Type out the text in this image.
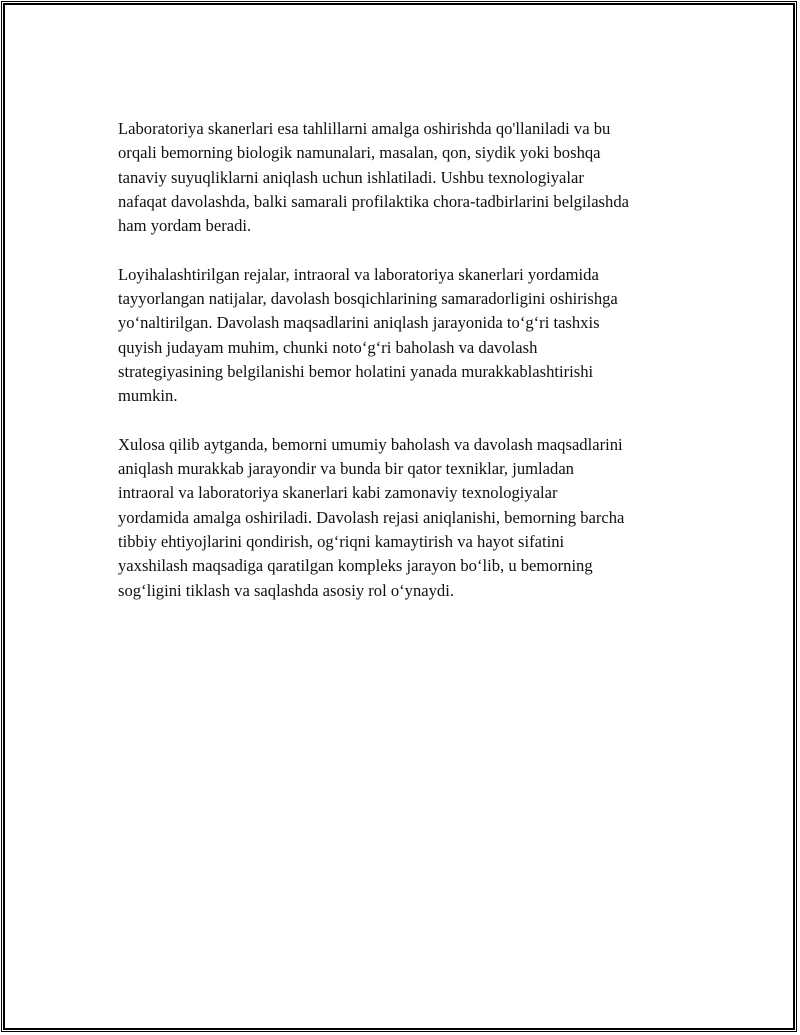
Laboratoriya skanerlari esa tahlillarni amalga oshirishda qo'llaniladi va bu
orqali bemorning biologik namunalari, masalan, qon, siydik yoki boshqa
tanaviy suyuqliklarni aniqlash uchun ishlatiladi. Ushbu texnologiyalar
nafaqat davolashda, balki samarali profilaktika chora-tadbirlarini belgilashda
ham yordam beradi.

Loyihalashtirilgan rejalar, intraoral va laboratoriya skanerlari yordamida
tayyorlangan natijalar, davolash bosqichlarining samaradorligini oshirishga
yo‘naltirilgan. Davolash maqsadlarini aniqlash jarayonida to‘g‘ri tashxis
quyish judayam muhim, chunki noto‘g‘ri baholash va davolash
strategiyasining belgilanishi bemor holatini yanada murakkablashtirishi
mumkin.

Xulosa qilib aytganda, bemorni umumiy baholash va davolash maqsadlarini
aniqlash murakkab jarayondir va bunda bir qator texniklar, jumladan
intraoral va laboratoriya skanerlari kabi zamonaviy texnologiyalar
yordamida amalga oshiriladi. Davolash rejasi aniqlanishi, bemorning barcha
tibbiy ehtiyojlarini qondirish, og‘riqni kamaytirish va hayot sifatini
yaxshilash maqsadiga qaratilgan kompleks jarayon bo‘lib, u bemorning
sog‘ligini tiklash va saqlashda asosiy rol o‘ynaydi.
